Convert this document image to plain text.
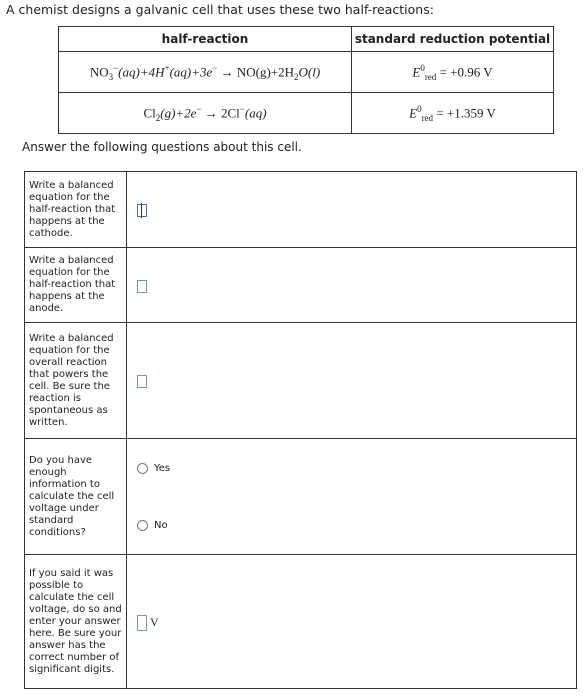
A chemist designs a galvanic cell that uses these two half-reactions:
half-reaction	standard reduction potential
$NO_3^-(aq)+4H^+(aq)+3e^- \to NO(g)+2H_2O(l)$	$E^0_{red} = +0.96$ V
$Cl_2(g)+2e^- \to 2Cl^-(aq)$	$E^0_{red} = +1.359$ V
Answer the following questions about this cell.
Write a balanced equation for the half-reaction that happens at the cathode.	
Write a balanced equation for the half-reaction that happens at the anode.	
Write a balanced equation for the overall reaction that powers the cell. Be sure the reaction is spontaneous as written.	
Do you have enough information to calculate the cell voltage under standard conditions?	Yes
No

If you said it was possible to calculate the cell voltage, do so and enter your answer here. Be sure your answer has the correct number of significant digits.	V
